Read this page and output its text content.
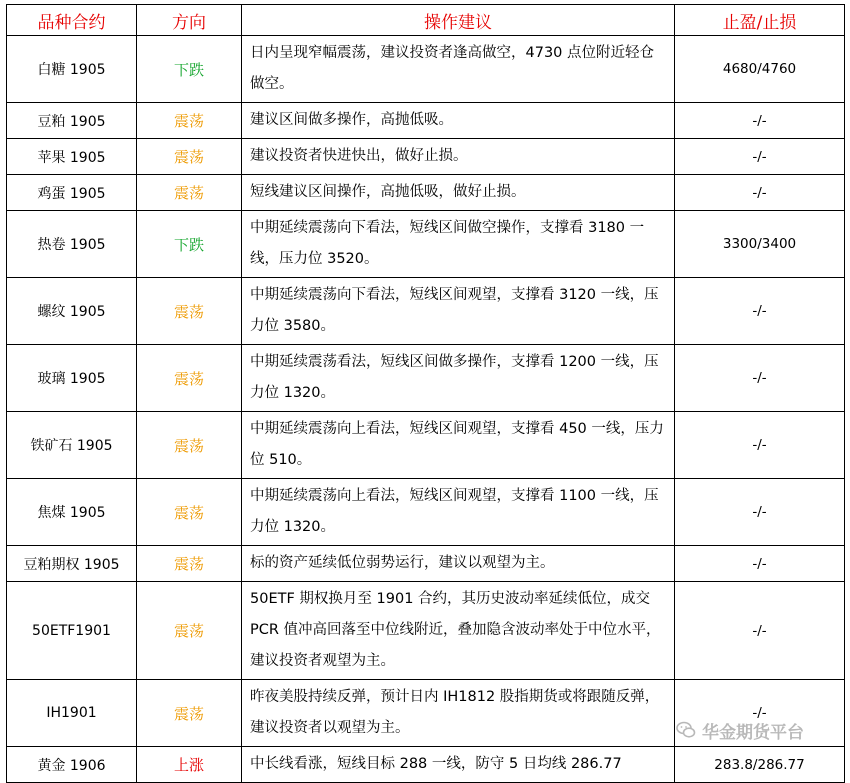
品种合约	方向	操作建议	止盈/止损
白糖 1905	下跌	日内呈现窄幅震荡，建议投资者逢高做空，4730 点位附近轻仓做空。	4680/4760
豆粕 1905	震荡	建议区间做多操作，高抛低吸。	-/-
苹果 1905	震荡	建议投资者快进快出，做好止损。	-/-
鸡蛋 1905	震荡	短线建议区间操作，高抛低吸，做好止损。	-/-
热卷 1905	下跌	中期延续震荡向下看法，短线区间做空操作，支撑看 3180 一线，压力位 3520。	3300/3400
螺纹 1905	震荡	中期延续震荡向下看法，短线区间观望，支撑看 3120 一线，压力位 3580。	-/-
玻璃 1905	震荡	中期延续震荡看法，短线区间做多操作，支撑看 1200 一线，压力位 1320。	-/-
铁矿石 1905	震荡	中期延续震荡向上看法，短线区间观望，支撑看 450 一线，压力位 510。	-/-
焦煤 1905	震荡	中期延续震荡向上看法，短线区间观望，支撑看 1100 一线，压力位 1320。	-/-
豆粕期权 1905	震荡	标的资产延续低位弱势运行，建议以观望为主。	-/-
50ETF1901	震荡	50ETF 期权换月至 1901 合约，其历史波动率延续低位，成交 PCR 值冲高回落至中位线附近，叠加隐含波动率处于中位水平，建议投资者观望为主。	-/-
IH1901	震荡	昨夜美股持续反弹，预计日内 IH1812 股指期货或将跟随反弹，建议投资者以观望为主。	-/-
黄金 1906	上涨	中长线看涨，短线目标 288 一线，防守 5 日均线 286.77	283.8/286.77
华金期货平台
